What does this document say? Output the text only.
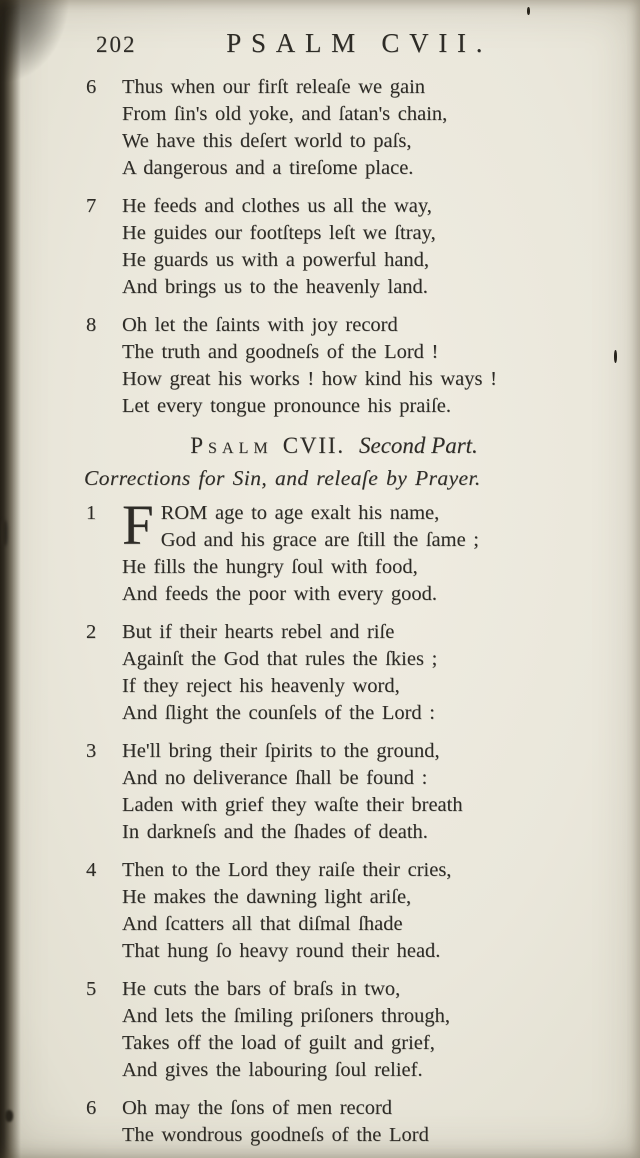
202	PSALM CVII.
6	Thus when our firſt releaſe we gain
From ſin's old yoke, and ſatan's chain,
We have this deſert world to paſs,
A dangerous and a tireſome place.
7	He feeds and clothes us all the way,
He guides our footſteps leſt we ſtray,
He guards us with a powerful hand,
And brings us to the heavenly land.
8	Oh let the ſaints with joy record
The truth and goodneſs of the Lord !
How great his works ! how kind his ways !
Let every tongue pronounce his praiſe.
Psalm CVII. Second Part.
Corrections for Sin, and releaſe by Prayer.
1 F ROM age to age exalt his name,
God and his grace are ſtill the ſame ;
He fills the hungry ſoul with food,
And feeds the poor with every good.
2	But if their hearts rebel and riſe
Againſt the God that rules the ſkies ;
If they reject his heavenly word,
And ſlight the counſels of the Lord :
3	He'll bring their ſpirits to the ground,
And no deliverance ſhall be found :
Laden with grief they waſte their breath
In darkneſs and the ſhades of death.
4	Then to the Lord they raiſe their cries,
He makes the dawning light ariſe,
And ſcatters all that diſmal ſhade
That hung ſo heavy round their head.
5	He cuts the bars of braſs in two,
And lets the ſmiling priſoners through,
Takes off the load of guilt and grief,
And gives the labouring ſoul relief.
6	Oh may the ſons of men record
The wondrous goodneſs of the Lord
